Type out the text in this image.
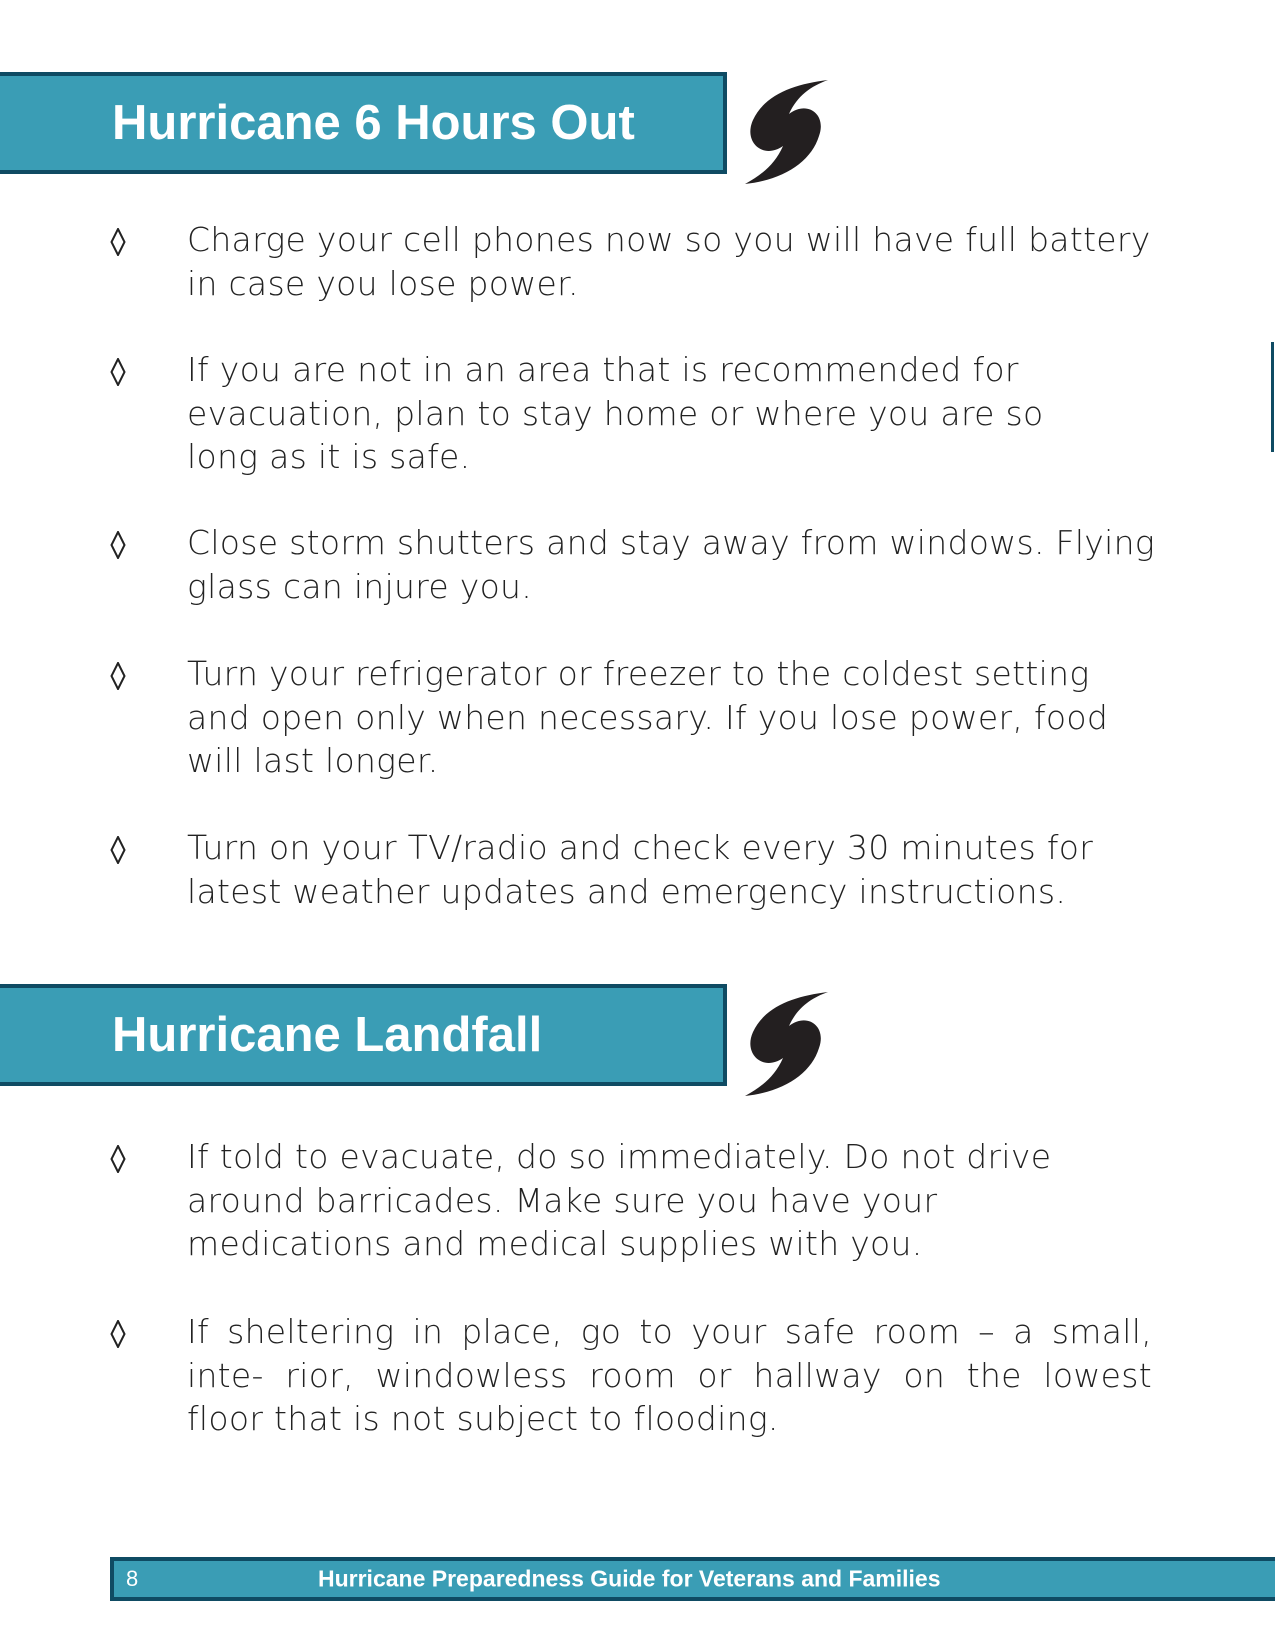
Hurricane 6 Hours Out
Charge your cell phones now so you will have full battery in case you lose power.
If you are not in an area that is recommended for evacuation, plan to stay home or where you are so long as it is safe.
Close storm shutters and stay away from windows. Flying glass can injure you.
Turn your refrigerator or freezer to the coldest setting and open only when necessary. If you lose power, food will last longer.
Turn on your TV/radio and check every 30 minutes for latest weather updates and emergency instructions.
Hurricane Landfall
If told to evacuate, do so immediately. Do not drive around barricades. Make sure you have your medications and medical supplies with you.
If sheltering in place, go to your safe room – a small, inte- rior, windowless room or hallway on the lowest floor that is not subject to flooding.
8	Hurricane Preparedness Guide for Veterans and Families
